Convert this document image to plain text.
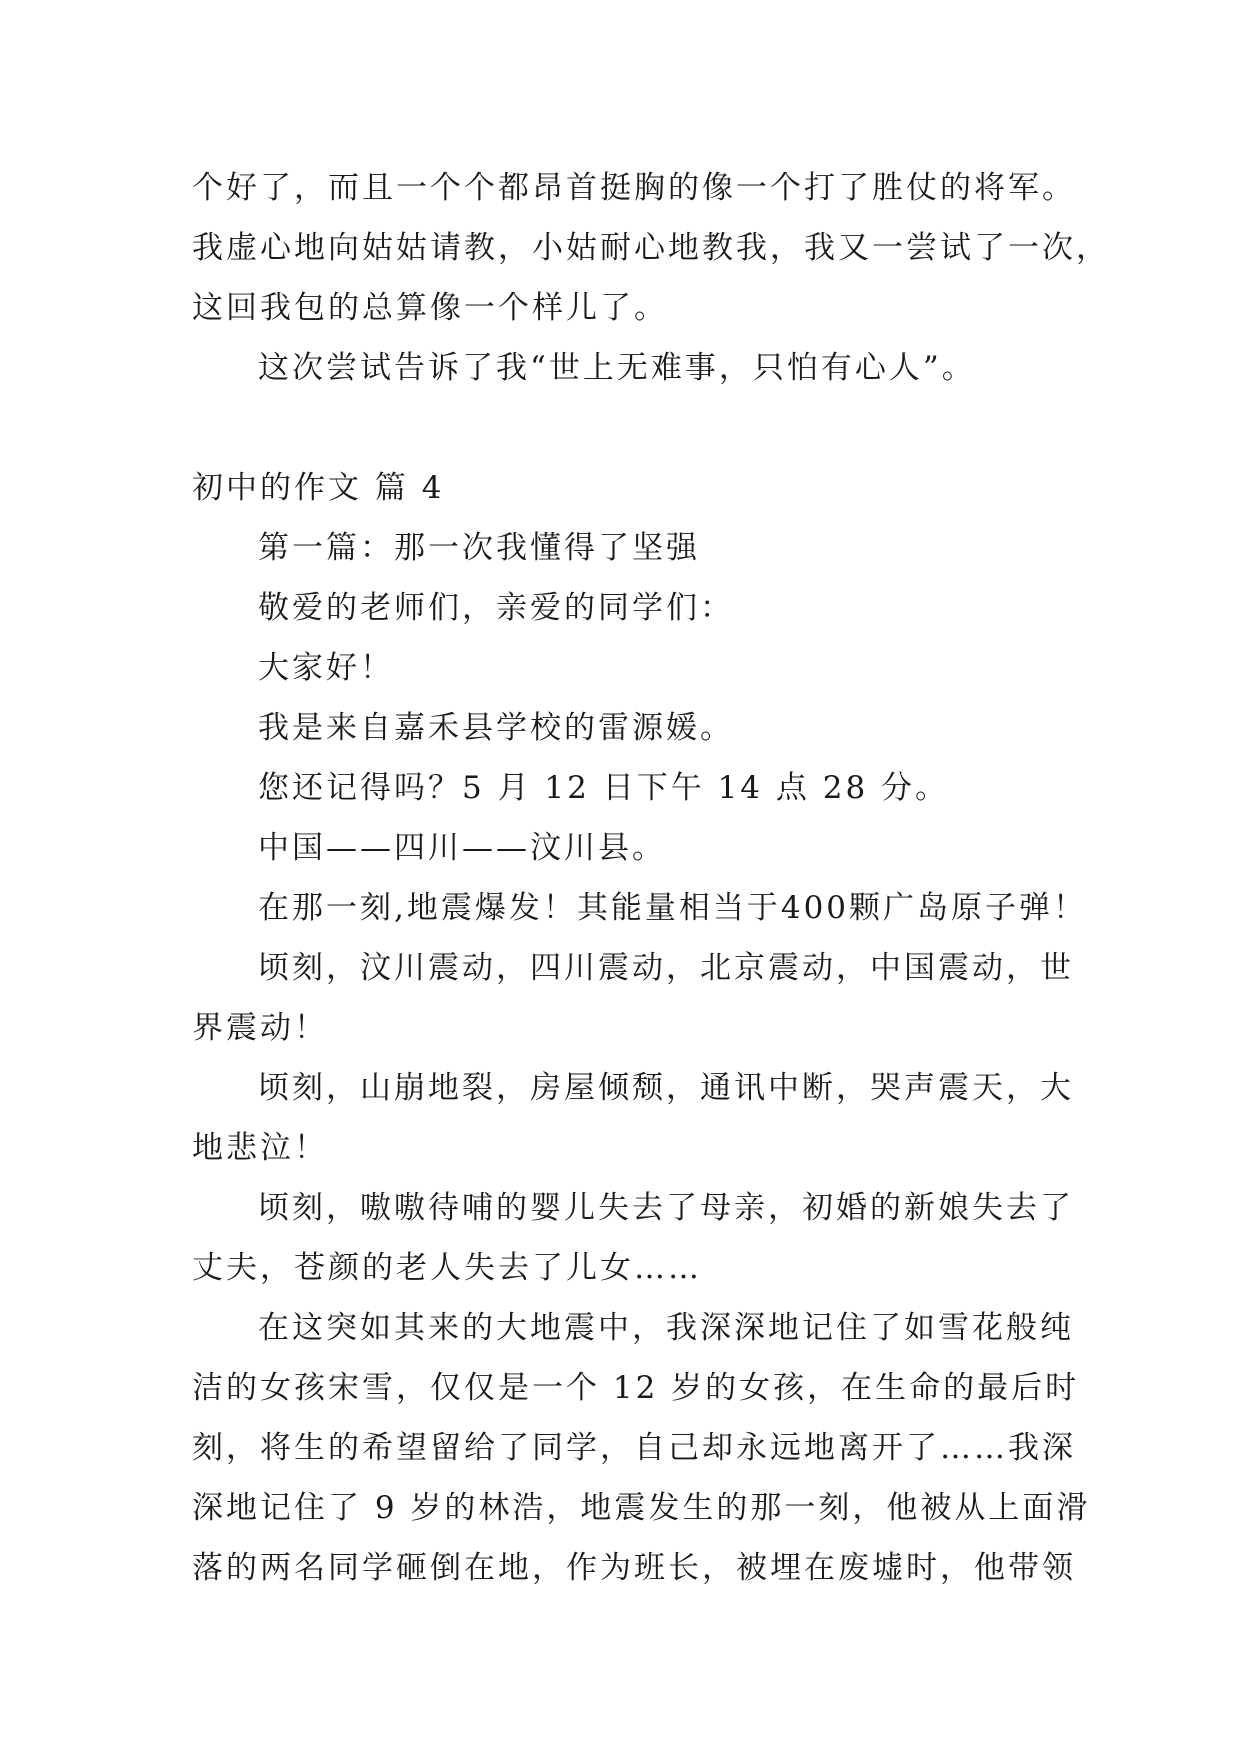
个好了，而且一个个都昂首挺胸的像一个打了胜仗的将军。
我虚心地向姑姑请教，小姑耐心地教我，我又一尝试了一次，
这回我包的总算像一个样儿了。
这次尝试告诉了我“世上无难事，只怕有心人”。
初中的作文 篇 4
第一篇：那一次我懂得了坚强
敬爱的老师们，亲爱的同学们：
大家好！
我是来自嘉禾县学校的雷源媛。
您还记得吗？5 月 12 日下午 14 点 28 分。
中国——四川——汶川县。
在那一刻,地震爆发！其能量相当于400颗广岛原子弹！
顷刻，汶川震动，四川震动，北京震动，中国震动，世
界震动！
顷刻，山崩地裂，房屋倾颓，通讯中断，哭声震天，大
地悲泣！
顷刻，嗷嗷待哺的婴儿失去了母亲，初婚的新娘失去了
丈夫，苍颜的老人失去了儿女……
在这突如其来的大地震中，我深深地记住了如雪花般纯
洁的女孩宋雪，仅仅是一个 12 岁的女孩，在生命的最后时
刻，将生的希望留给了同学，自己却永远地离开了……我深
深地记住了 9 岁的林浩，地震发生的那一刻，他被从上面滑
落的两名同学砸倒在地，作为班长，被埋在废墟时，他带领
